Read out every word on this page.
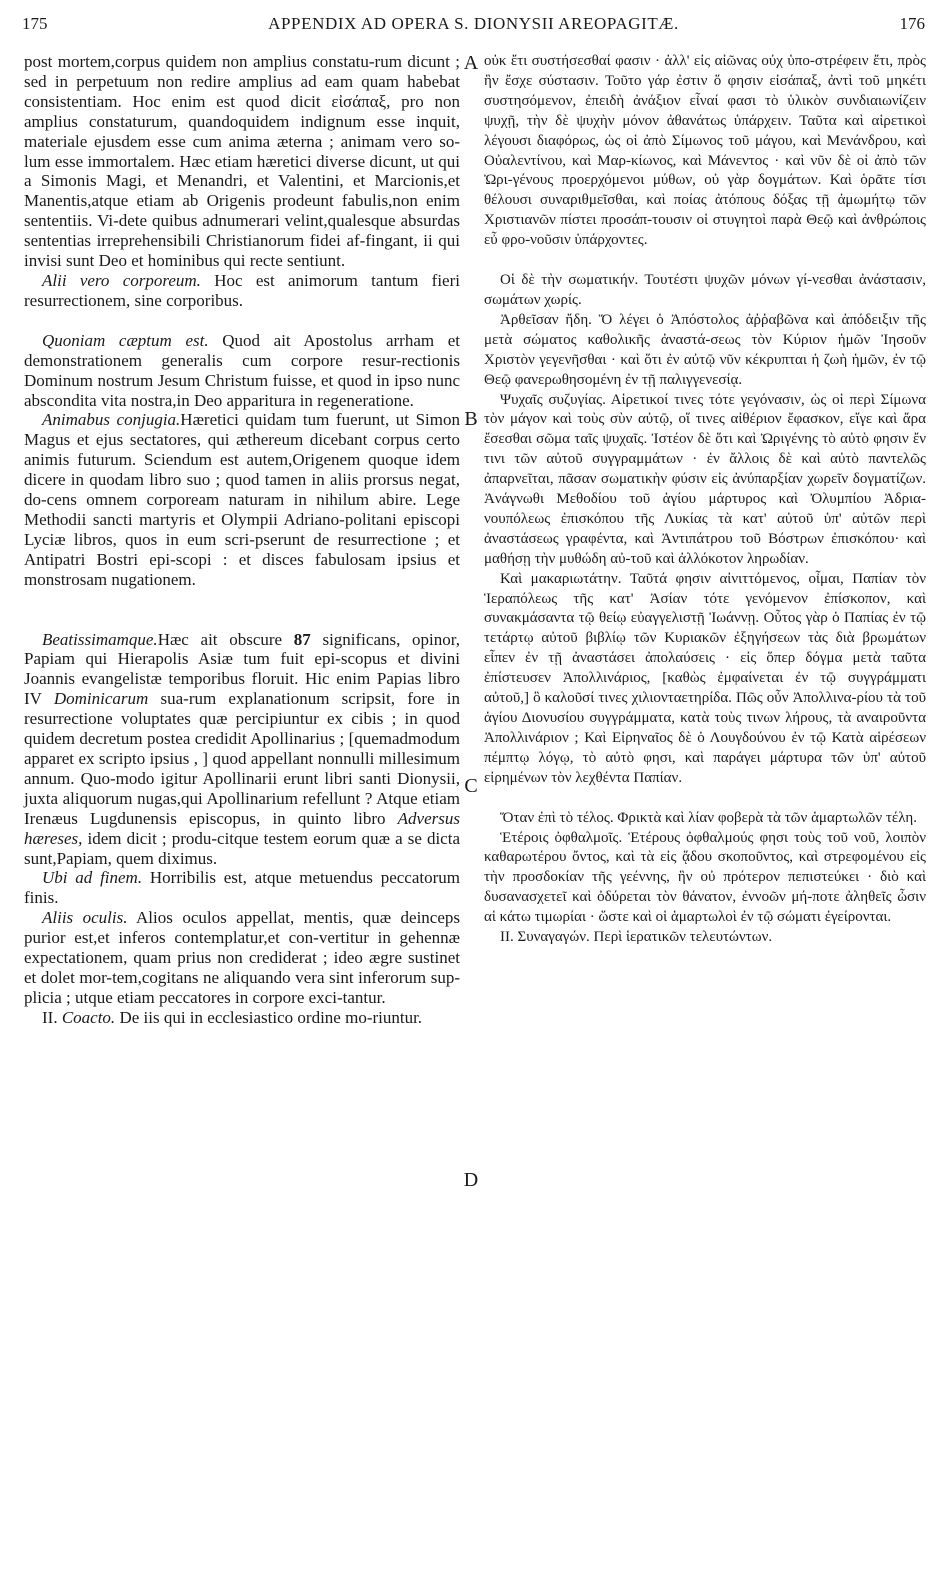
175	APPENDIX AD OPERA S. DIONYSII AREOPAGITÆ.	176

post mortem,corpus quidem non amplius constatu-rum dicunt ; sed in perpetuum non redire amplius ad eam quam habebat consistentiam. Hoc enim est quod dicit εἰσάπαξ, pro non amplius constaturum, quandoquidem indignum esse inquit, materiale ejusdem esse cum anima æterna ; animam vero so-lum esse immortalem. Hæc etiam hæretici diverse dicunt, ut qui a Simonis Magi, et Menandri, et Valentini, et Marcionis,et Manentis,atque etiam ab Origenis prodeunt fabulis,non enim sententiis. Vi-dete quibus adnumerari velint,qualesque absurdas sententias irreprehensibili Christianorum fidei af-fingant, ii qui invisi sunt Deo et hominibus qui recte sentiunt.

Alii vero corporeum. Hoc est animorum tantum fieri resurrectionem, sine corporibus.

Quoniam cæptum est. Quod ait Apostolus arrham et demonstrationem generalis cum corpore resur-rectionis Dominum nostrum Jesum Christum fuisse, et quod in ipso nunc abscondita vita nostra,in Deo apparitura in regeneratione.

Animabus conjugia.Hæretici quidam tum fuerunt, ut Simon Magus et ejus sectatores, qui æthereum dicebant corpus certo animis futurum. Sciendum est autem,Origenem quoque idem dicere in quodam libro suo ; quod tamen in aliis prorsus negat, do-cens omnem corpoream naturam in nihilum abire. Lege Methodii sancti martyris et Olympii Adriano-politani episcopi Lyciæ libros, quos in eum scri-pserunt de resurrectione ; et Antipatri Bostri epi-scopi : et disces fabulosam ipsius et monstrosam nugationem.

Beatissimamque.Hæc ait obscure 87 significans, opinor, Papiam qui Hierapolis Asiæ tum fuit epi-scopus et divini Joannis evangelistæ temporibus floruit. Hic enim Papias libro IV Dominicarum sua-rum explanationum scripsit, fore in resurrectione voluptates quæ percipiuntur ex cibis ; in quod quidem decretum postea credidit Apollinarius ; [quemadmodum apparet ex scripto ipsius , ] quod appellant nonnulli millesimum annum. Quo-modo igitur Apollinarii erunt libri santi Dionysii, juxta aliquorum nugas,qui Apollinarium refellunt ? Atque etiam Irenæus Lugdunensis episcopus, in quinto libro Adversus hæreses, idem dicit ; produ-citque testem eorum quæ a se dicta sunt,Papiam, quem diximus.

Ubi ad finem. Horribilis est, atque metuendus peccatorum finis.

Aliis oculis. Alios oculos appellat, mentis, quæ deinceps purior est,et inferos contemplatur,et con-vertitur in gehennæ expectationem, quam prius non crediderat ; ideo ægre sustinet et dolet mor-tem,cogitans ne aliquando vera sint inferorum sup-plicia ; utque etiam peccatores in corpore exci-tantur.

II. Coacto. De iis qui in ecclesiastico ordine mo-riuntur.

A
B
C
D

οὐκ ἔτι συστήσεσθαί φασιν · ἀλλ' εἰς αἰῶνας οὐχ ὑπο-στρέφειν ἔτι, πρὸς ἣν ἔσχε σύστασιν. Τοῦτο γάρ ἐστιν ὅ φησιν εἰσάπαξ, ἀντὶ τοῦ μηκέτι συστησόμενον, ἐπειδὴ ἀνάξιον εἶναί φασι τὸ ὑλικὸν συνδιαιωνίζειν ψυχῇ, τὴν δὲ ψυχὴν μόνον ἀθανάτως ὑπάρχειν. Ταῦτα καὶ αἱρετικοὶ λέγουσι διαφόρως, ὡς οἱ ἀπὸ Σίμωνος τοῦ μάγου, καὶ Μενάνδρου, καὶ Οὐαλεντίνου, καὶ Μαρ-κίωνος, καὶ Μάνεντος · καὶ νῦν δὲ οἱ ἀπὸ τῶν Ὠρι-γένους προερχόμενοι μύθων, οὐ γὰρ δογμάτων. Καὶ ὁρᾶτε τίσι θέλουσι συναριθμεῖσθαι, καὶ ποίας ἀτόπους δόξας τῇ ἀμωμήτῳ τῶν Χριστιανῶν πίστει προσάπ-τουσιν οἱ στυγητοὶ παρὰ Θεῷ καὶ ἀνθρώποις εὖ φρο-νοῦσιν ὑπάρχοντες.

Οἱ δὲ τὴν σωματικήν. Τουτέστι ψυχῶν μόνων γί-νεσθαι ἀνάστασιν, σωμάτων χωρίς.

Ἀρθεῖσαν ἤδη. Ὅ λέγει ὁ Ἀπόστολος ἀῤῥαβῶνα καὶ ἀπόδειξιν τῆς μετὰ σώματος καθολικῆς ἀναστά-σεως τὸν Κύριον ἡμῶν Ἰησοῦν Χριστὸν γεγενῆσθαι · καὶ ὅτι ἐν αὐτῷ νῦν κέκρυπται ἡ ζωὴ ἡμῶν, ἐν τῷ Θεῷ φανερωθησομένη ἐν τῇ παλιγγενεσίᾳ.

Ψυχαῖς συζυγίας. Αἱρετικοί τινες τότε γεγόνασιν, ὡς οἱ περὶ Σίμωνα τὸν μάγον καὶ τοὺς σὺν αὐτῷ, οἵ τινες αἰθέριον ἔφασκον, εἴγε καὶ ἄρα ἔσεσθαι σῶμα ταῖς ψυχαῖς. Ἰστέον δὲ ὅτι καὶ Ὠριγένης τὸ αὐτὸ φησιν ἔν τινι τῶν αὐτοῦ συγγραμμάτων · ἐν ἄλλοις δὲ καὶ αὐτὸ παντελῶς ἀπαρνεῖται, πᾶσαν σωματικὴν φύσιν εἰς ἀνύπαρξίαν χωρεῖν δογματίζων. Ἀνάγνωθι Μεθοδίου τοῦ ἁγίου μάρτυρος καὶ Ὀλυμπίου Ἀδρια-νουπόλεως ἐπισκόπου τῆς Λυκίας τὰ κατ' αὐτοῦ ὑπ' αὐτῶν περὶ ἀναστάσεως γραφέντα, καὶ Ἀντιπάτρου τοῦ Βόστρων ἐπισκόπου· καὶ μαθήσῃ τὴν μυθώδη αὐ-τοῦ καὶ ἀλλόκοτον ληρωδίαν.

Καὶ μακαριωτάτην. Ταῦτά φησιν αἰνιττόμενος, οἶμαι, Παπίαν τὸν Ἱεραπόλεως τῆς κατ' Ἀσίαν τότε γενόμενον ἐπίσκοπον, καὶ συνακμάσαντα τῷ θείῳ εὐαγγελιστῇ Ἰωάννῃ. Οὗτος γὰρ ὁ Παπίας ἐν τῷ τετάρτῳ αὐτοῦ βιβλίῳ τῶν Κυριακῶν ἐξηγήσεων τὰς διὰ βρωμάτων εἶπεν ἐν τῇ ἀναστάσει ἀπολαύσεις · εἰς ὅπερ δόγμα μετὰ ταῦτα ἐπίστευσεν Ἀπολλινάριος, [καθὼς ἐμφαίνεται ἐν τῷ συγγράμματι αὐτοῦ,] ὃ καλοῦσί τινες χιλιονταετηρίδα. Πῶς οὖν Ἀπολλινα-ρίου τὰ τοῦ ἁγίου Διονυσίου συγγράμματα, κατὰ τοὺς τινων λήρους, τὰ αναιροῦντα Ἀπολλινάριον ; Καὶ Εἰρηναῖος δὲ ὁ Λουγδούνου ἐν τῷ Κατὰ αἱρέσεων πέμπτῳ λόγῳ, τὸ αὐτὸ φησι, καὶ παράγει μάρτυρα τῶν ὑπ' αὐτοῦ εἰρημένων τὸν λεχθέντα Παπίαν.

Ὅταν ἐπὶ τὸ τέλος. Φρικτὰ καὶ λίαν φοβερὰ τὰ τῶν ἁμαρτωλῶν τέλη.

Ἑτέροις ὀφθαλμοῖς. Ἑτέρους ὀφθαλμούς φησι τοὺς τοῦ νοῦ, λοιπὸν καθαρωτέρου ὄντος, καὶ τὰ εἰς ᾅδου σκοποῦντος, καὶ στρεφομένου εἰς τὴν προσδοκίαν τῆς γεέννης, ἣν οὐ πρότερον πεπιστεύκει · διὸ καὶ δυσανασχετεῖ καὶ ὀδύρεται τὸν θάνατον, ἐννοῶν μή-ποτε ἀληθεῖς ὦσιν αἱ κάτω τιμωρίαι · ὥστε καὶ οἱ ἁμαρτωλοὶ ἐν τῷ σώματι ἐγείρονται.

II. Συναγαγών. Περὶ ἱερατικῶν τελευτώντων.
